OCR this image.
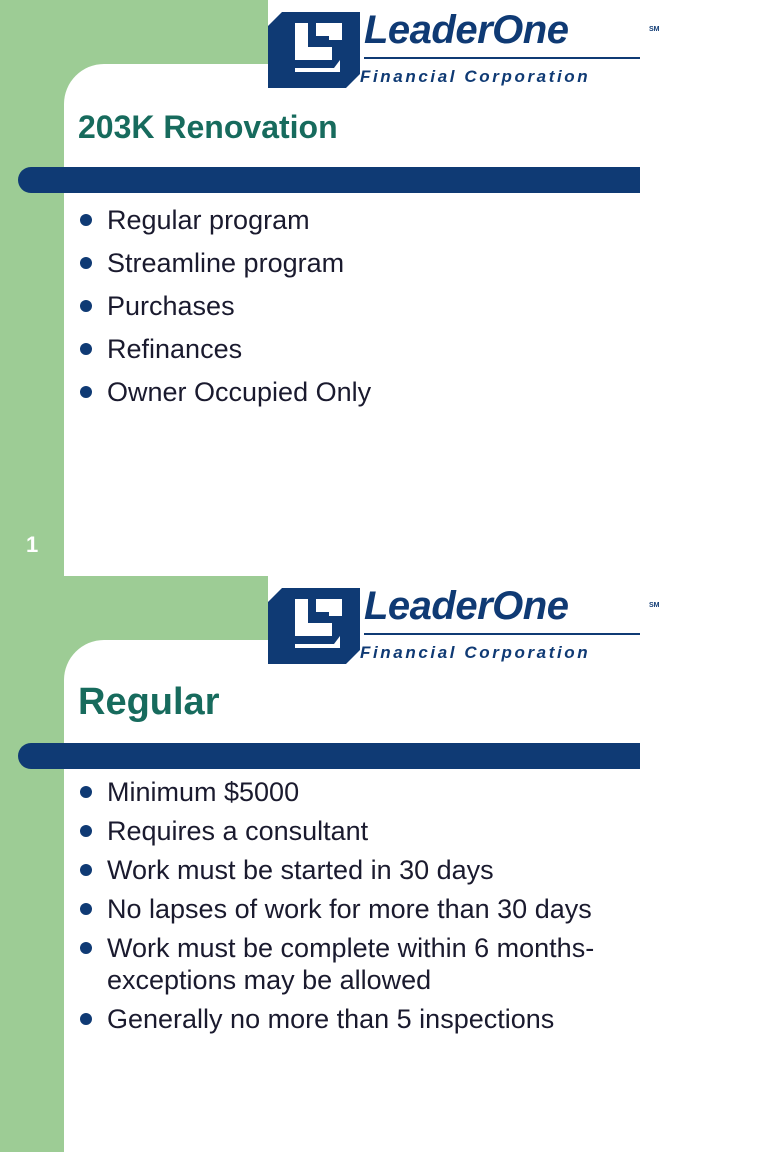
LeaderOne	SM
Financial Corporation
203K Renovation
Regular program
Streamline program
Purchases
Refinances
Owner Occupied Only
1
LeaderOne	SM
Financial Corporation
Regular
Minimum $5000
Requires a consultant
Work must be started in 30 days
No lapses of work for more than 30 days
Work must be complete within 6 months- exceptions may be allowed
Generally no more than 5 inspections
